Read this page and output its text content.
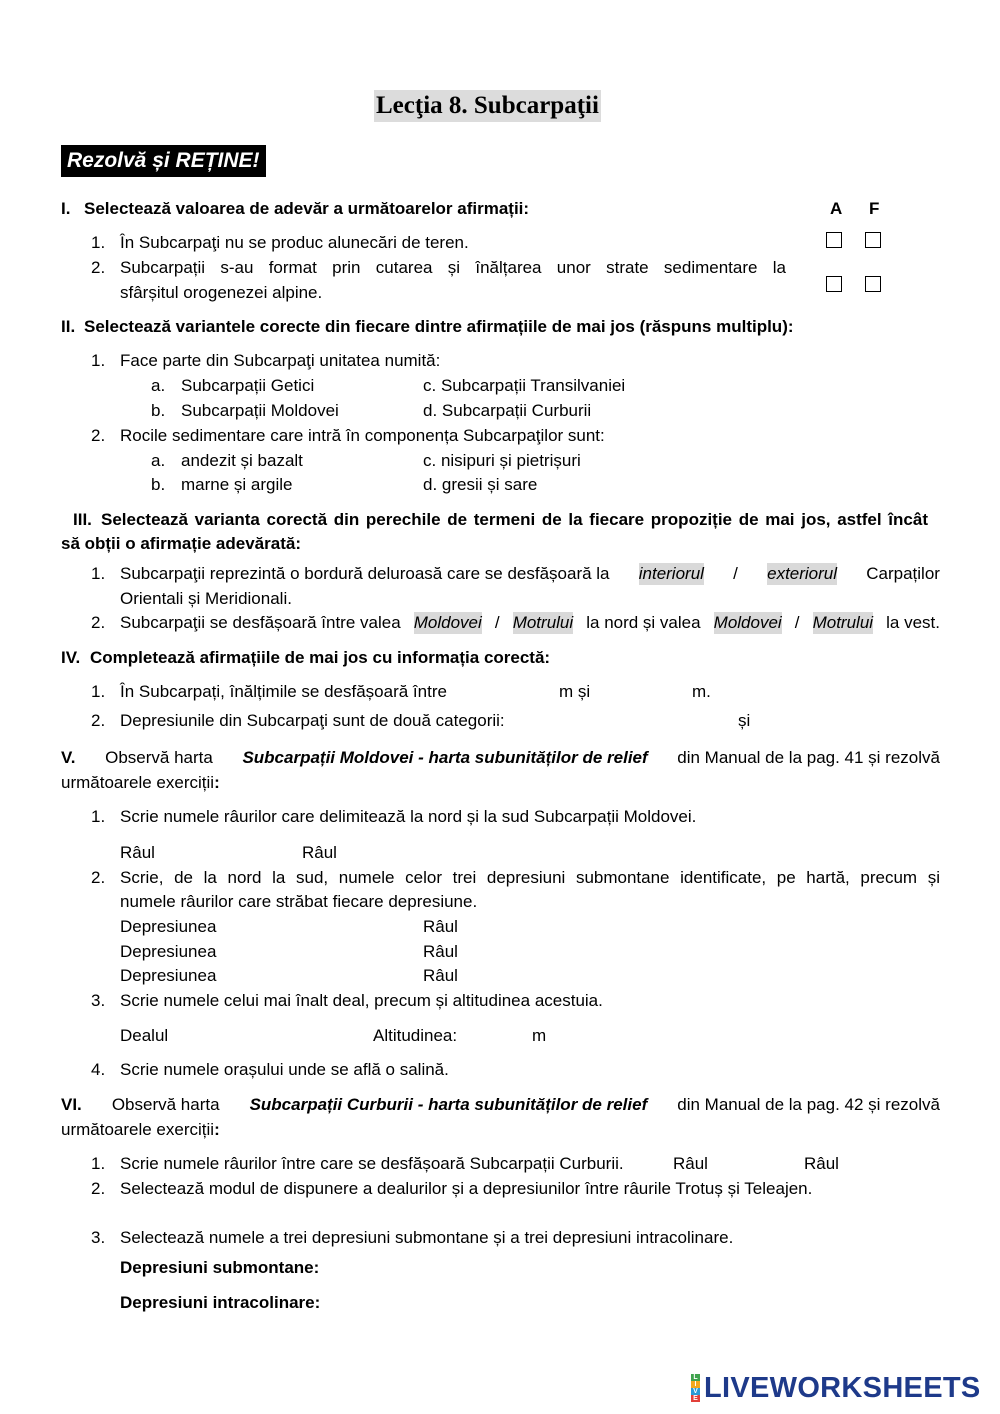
Lecţia 8. Subcarpaţii
Rezolvă și REȚINE!
I. Selectează valoarea de adevăr a următoarelor afirmații:	A F
1. În Subcarpaţi nu se produc alunecări de teren.
2. Subcarpații s-au format prin cutarea și înălțarea unor strate sedimentare la
sfârșitul orogenezei alpine.
II. Selectează variantele corecte din fiecare dintre afirmațiile de mai jos (răspuns multiplu):
1. Face parte din Subcarpaţi unitatea numită:
a. Subcarpații Getici	c. Subcarpații Transilvaniei
b. Subcarpații Moldovei	d. Subcarpații Curburii
2. Rocile sedimentare care intră în componența Subcarpaţilor sunt:
a. andezit și bazalt	c. nisipuri și pietrișuri
b. marne și argile	d. gresii și sare
III. Selectează varianta corectă din perechile de termeni de la fiecare propoziție de mai jos, astfel încât
să obții o afirmație adevărată:
1. Subcarpaţii reprezintă o bordură deluroasă care se desfășoară la interiorul / exteriorul Carpaților
Orientali și Meridionali.
2. Subcarpaţii se desfășoară între valea Moldovei / Motrului la nord și valea Moldovei / Motrului la vest.
IV. Completează afirmațiile de mai jos cu informația corectă:
1. În Subcarpați, înălțimile se desfășoară între	m și	m.
2. Depresiunile din Subcarpaţi sunt de două categorii:	și
V. Observă harta Subcarpații Moldovei - harta subunităților de relief din Manual de la pag. 41 și rezolvă
următoarele exerciții:
1. Scrie numele râurilor care delimitează la nord și la sud Subcarpații Moldovei.
Râul	Râul
2. Scrie, de la nord la sud, numele celor trei depresiuni submontane identificate, pe hartă, precum și
numele râurilor care străbat fiecare depresiune.
Depresiunea	Râul
Depresiunea	Râul
Depresiunea	Râul
3. Scrie numele celui mai înalt deal, precum și altitudinea acestuia.
Dealul	Altitudinea:	m
4. Scrie numele orașului unde se află o salină.
VI. Observă harta Subcarpații Curburii - harta subunităților de relief din Manual de la pag. 42 și rezolvă
următoarele exerciții:
1. Scrie numele râurilor între care se desfășoară Subcarpații Curburii.	Râul	Râul
2. Selectează modul de dispunere a dealurilor și a depresiunilor între râurile Trotuș și Teleajen.
3. Selectează numele a trei depresiuni submontane și a trei depresiuni intracolinare.
Depresiuni submontane:
Depresiuni intracolinare:
L
I
V
E LIVEWORKSHEETS
